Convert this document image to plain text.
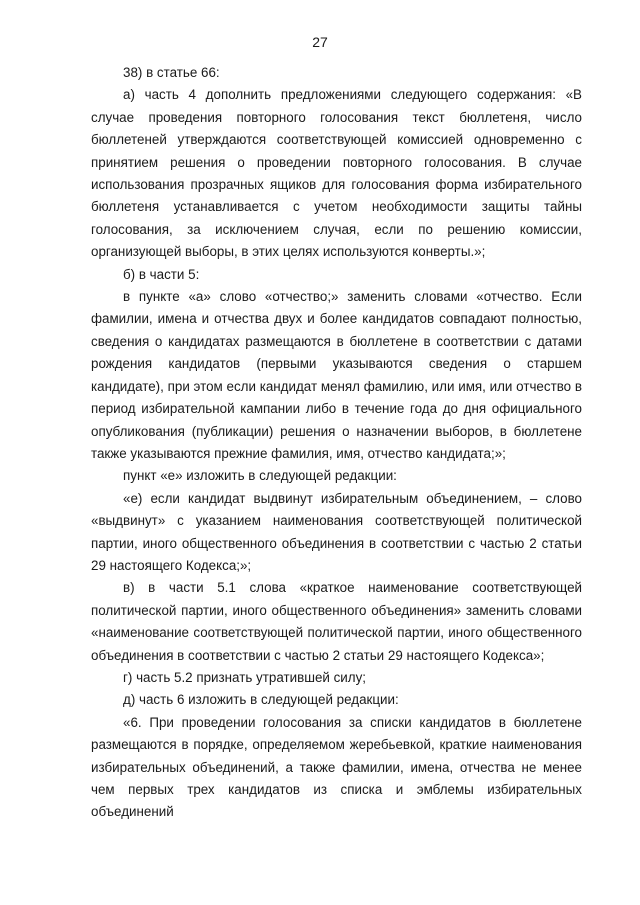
27

38) в статье 66:

а) часть 4 дополнить предложениями следующего содержания: «В случае проведения повторного голосования текст бюллетеня, число бюллетеней утверждаются соответствующей комиссией одновременно с принятием решения о проведении повторного голосования. В случае использования прозрачных ящиков для голосования форма избирательного бюллетеня устанавливается с учетом необходимости защиты тайны голосования, за исключением случая, если по решению комиссии, организующей выборы, в этих целях используются конверты.»;

б) в части 5:

в пункте «а» слово «отчество;» заменить словами «отчество. Если фамилии, имена и отчества двух и более кандидатов совпадают полностью, сведения о кандидатах размещаются в бюллетене в соответствии с датами рождения кандидатов (первыми указываются сведения о старшем кандидате), при этом если кандидат менял фамилию, или имя, или отчество в период избирательной кампании либо в течение года до дня официального опубликования (публикации) решения о назначении выборов, в бюллетене также указываются прежние фамилия, имя, отчество кандидата;»;

пункт «е» изложить в следующей редакции:

«е) если кандидат выдвинут избирательным объединением, – слово «выдвинут» с указанием наименования соответствующей политической партии, иного общественного объединения в соответствии с частью 2 статьи 29 настоящего Кодекса;»;

в) в части 5.1 слова «краткое наименование соответствующей политической партии, иного общественного объединения» заменить словами «наименование соответствующей политической партии, иного общественного объединения в соответствии с частью 2 статьи 29 настоящего Кодекса»;

г) часть 5.2 признать утратившей силу;

д) часть 6 изложить в следующей редакции:

«6. При проведении голосования за списки кандидатов в бюллетене размещаются в порядке, определяемом жеребьевкой, краткие наименования избирательных объединений, а также фамилии, имена, отчества не менее чем первых трех кандидатов из списка и эмблемы избирательных объединений
